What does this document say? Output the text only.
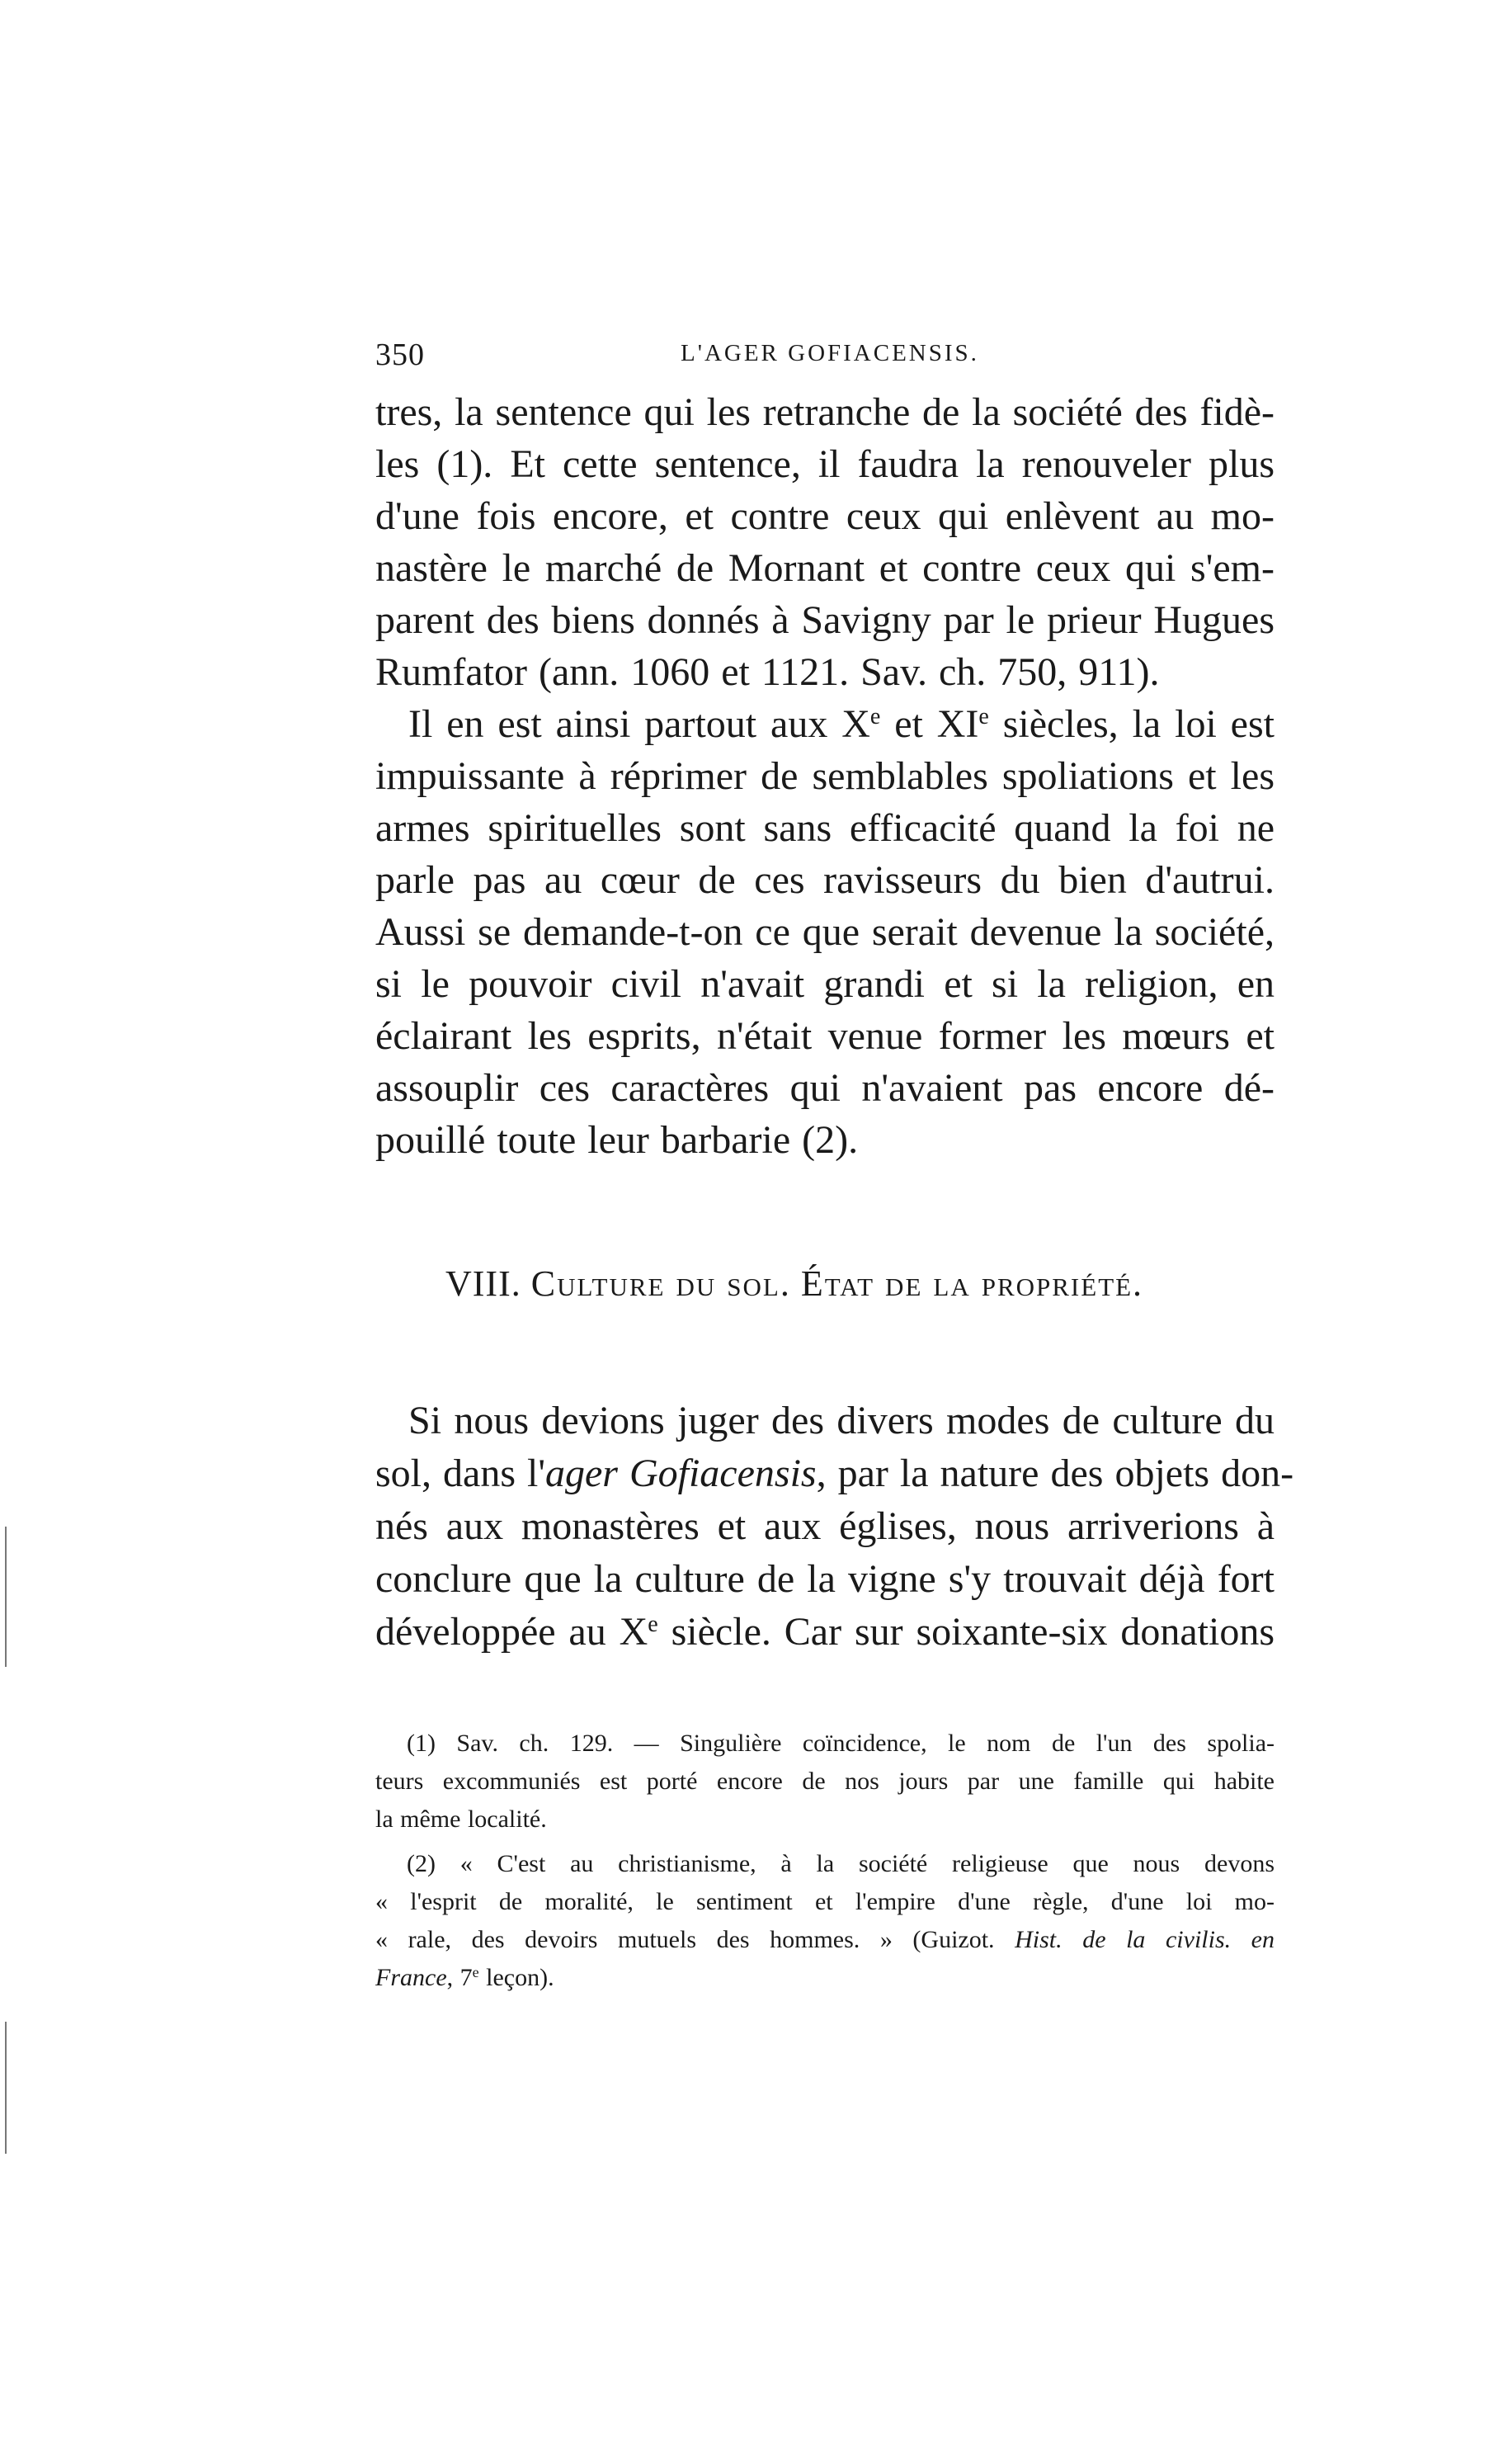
350	L'AGER GOFIACENSIS.
tres, la sentence qui les retranche de la société des fidè-
les (1). Et cette sentence, il faudra la renouveler plus
d'une fois encore, et contre ceux qui enlèvent au mo-
nastère le marché de Mornant et contre ceux qui s'em-
parent des biens donnés à Savigny par le prieur Hugues
Rumfator (ann. 1060 et 1121. Sav. ch. 750, 911).
Il en est ainsi partout aux Xe et XIe siècles, la loi est
impuissante à réprimer de semblables spoliations et les
armes spirituelles sont sans efficacité quand la foi ne
parle pas au cœur de ces ravisseurs du bien d'autrui.
Aussi se demande-t-on ce que serait devenue la société,
si le pouvoir civil n'avait grandi et si la religion, en
éclairant les esprits, n'était venue former les mœurs et
assouplir ces caractères qui n'avaient pas encore dé-
pouillé toute leur barbarie (2).
VIII. Culture du sol. État de la propriété.
Si nous devions juger des divers modes de culture du
sol, dans l'ager Gofiacensis, par la nature des objets don-
nés aux monastères et aux églises, nous arriverions à
conclure que la culture de la vigne s'y trouvait déjà fort
développée au Xe siècle. Car sur soixante-six donations
(1) Sav. ch. 129. — Singulière coïncidence, le nom de l'un des spolia-
teurs excommuniés est porté encore de nos jours par une famille qui habite
la même localité.
(2) « C'est au christianisme, à la société religieuse que nous devons
« l'esprit de moralité, le sentiment et l'empire d'une règle, d'une loi mo-
« rale, des devoirs mutuels des hommes. » (Guizot. Hist. de la civilis. en
France, 7e leçon).
